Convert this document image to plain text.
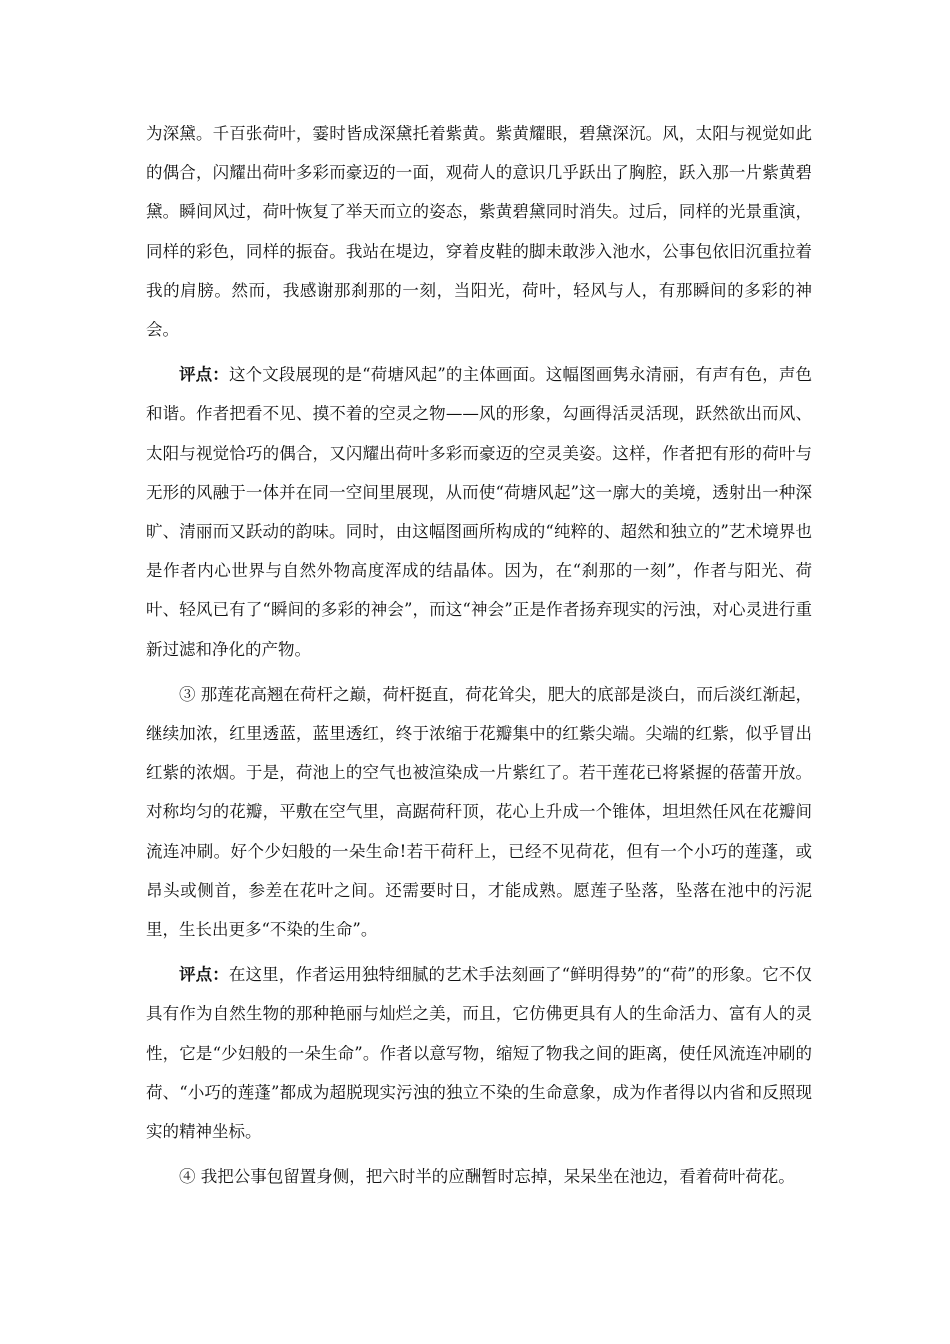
为深黛。千百张荷叶，霎时皆成深黛托着紫黄。紫黄耀眼，碧黛深沉。风，太阳与视觉如此的偶合，闪耀出荷叶多彩而豪迈的一面，观荷人的意识几乎跃出了胸腔，跃入那一片紫黄碧黛。瞬间风过，荷叶恢复了举天而立的姿态，紫黄碧黛同时消失。过后，同样的光景重演，同样的彩色，同样的振奋。我站在堤边，穿着皮鞋的脚未敢涉入池水，公事包依旧沉重拉着我的肩膀。然而，我感谢那刹那的一刻，当阳光，荷叶，轻风与人，有那瞬间的多彩的神会。

评点：这个文段展现的是“荷塘风起”的主体画面。这幅图画隽永清丽，有声有色，声色和谐。作者把看不见、摸不着的空灵之物——风的形象，勾画得活灵活现，跃然欲出而风、太阳与视觉恰巧的偶合，又闪耀出荷叶多彩而豪迈的空灵美姿。这样，作者把有形的荷叶与无形的风融于一体并在同一空间里展现，从而使“荷塘风起”这一廓大的美境，透射出一种深旷、清丽而又跃动的韵味。同时，由这幅图画所构成的“纯粹的、超然和独立的”艺术境界也是作者内心世界与自然外物高度浑成的结晶体。因为，在“刹那的一刻”，作者与阳光、荷叶、轻风已有了“瞬间的多彩的神会”，而这“神会”正是作者扬弃现实的污浊，对心灵进行重新过滤和净化的产物。

③ 那莲花高翘在荷杆之巅，荷杆挺直，荷花耸尖，肥大的底部是淡白，而后淡红渐起，继续加浓，红里透蓝，蓝里透红，终于浓缩于花瓣集中的红紫尖端。尖端的红紫，似乎冒出红紫的浓烟。于是，荷池上的空气也被渲染成一片紫红了。若干莲花已将紧握的蓓蕾开放。对称均匀的花瓣，平敷在空气里，高踞荷秆顶，花心上升成一个锥体，坦坦然任风在花瓣间流连冲刷。好个少妇般的一朵生命!若干荷秆上，已经不见荷花，但有一个小巧的莲蓬，或昂头或侧首，参差在花叶之间。还需要时日，才能成熟。愿莲子坠落，坠落在池中的污泥里，生长出更多“不染的生命”。

评点：在这里，作者运用独特细腻的艺术手法刻画了“鲜明得势”的“荷”的形象。它不仅具有作为自然生物的那种艳丽与灿烂之美，而且，它仿佛更具有人的生命活力、富有人的灵性，它是“少妇般的一朵生命”。作者以意写物，缩短了物我之间的距离，使任风流连冲刷的荷、“小巧的莲蓬”都成为超脱现实污浊的独立不染的生命意象，成为作者得以内省和反照现实的精神坐标。

④ 我把公事包留置身侧，把六时半的应酬暂时忘掉，呆呆坐在池边，看着荷叶荷花。
